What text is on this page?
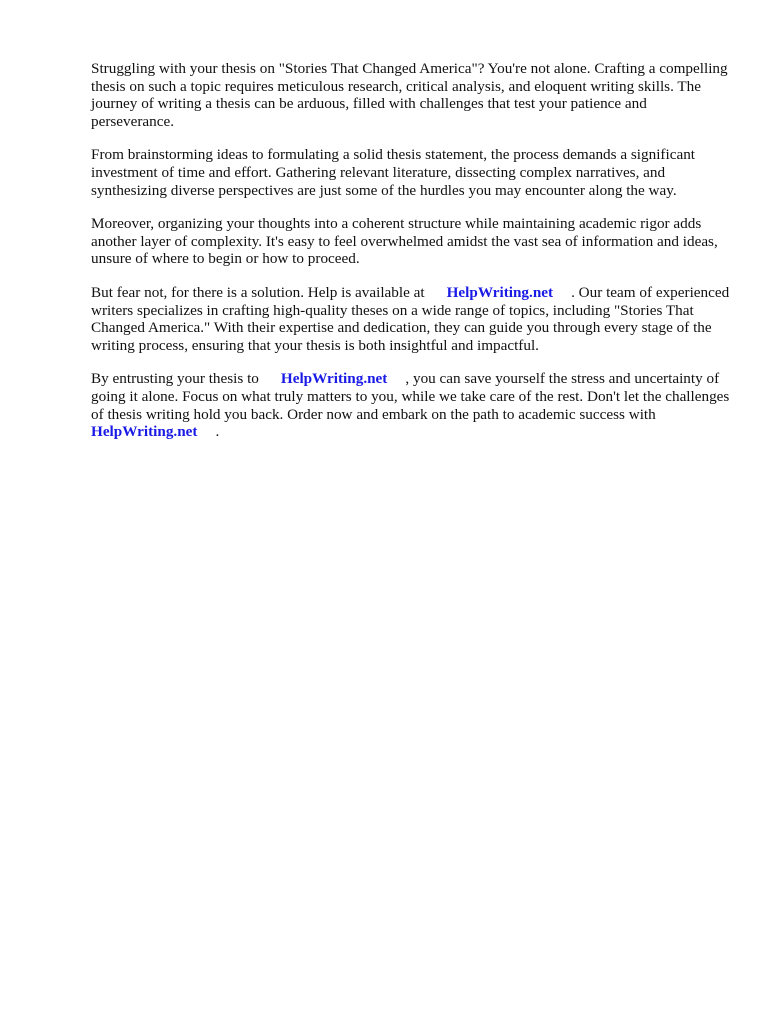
Struggling with your thesis on "Stories That Changed America"? You're not alone. Crafting a compelling thesis on such a topic requires meticulous research, critical analysis, and eloquent writing skills. The journey of writing a thesis can be arduous, filled with challenges that test your patience and perseverance.

From brainstorming ideas to formulating a solid thesis statement, the process demands a significant investment of time and effort. Gathering relevant literature, dissecting complex narratives, and synthesizing diverse perspectives are just some of the hurdles you may encounter along the way.

Moreover, organizing your thoughts into a coherent structure while maintaining academic rigor adds another layer of complexity. It's easy to feel overwhelmed amidst the vast sea of information and ideas, unsure of where to begin or how to proceed.

But fear not, for there is a solution. Help is available at HelpWriting.net . Our team of experienced writers specializes in crafting high-quality theses on a wide range of topics, including "Stories That Changed America." With their expertise and dedication, they can guide you through every stage of the writing process, ensuring that your thesis is both insightful and impactful.

By entrusting your thesis to HelpWriting.net , you can save yourself the stress and uncertainty of going it alone. Focus on what truly matters to you, while we take care of the rest. Don't let the challenges of thesis writing hold you back. Order now and embark on the path to academic success withHelpWriting.net .
